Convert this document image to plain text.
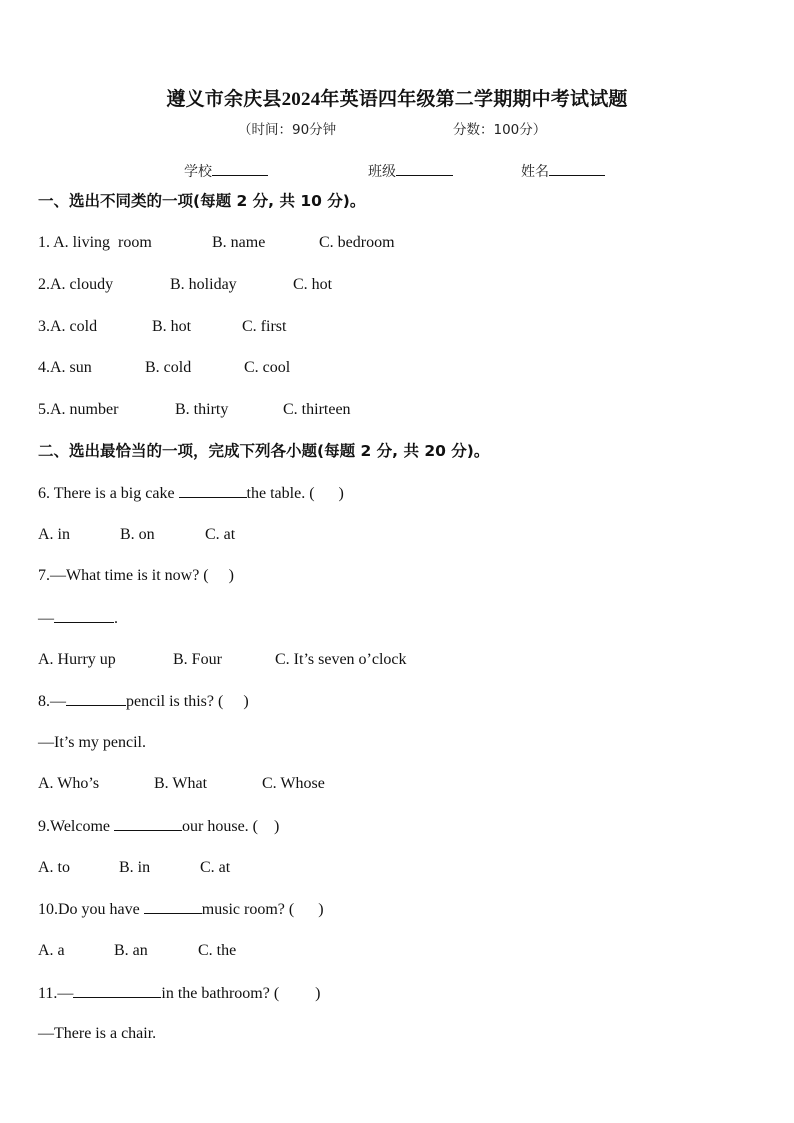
遵义市余庆县2024年英语四年级第二学期期中考试试题
（时间：90分钟	分数：100分）
学校	班级	姓名
一、选出不同类的一项(每题 2 分, 共 10 分)。

1. A. living  room

	B. name

	C. bedroom

2.A. cloudy

	B. holiday

	C. hot

3.A. cold

	B. hot

	C. first

4.A. sun

	B. cold

	C. cool

5.A. number

	B. thirty

	C. thirteen

二、选出最恰当的一项，完成下列各小题(每题 2 分, 共 20 分)。
6. There is a big cake	the table. (      )

A. in

	B. on

	C. at

7.—What time is it now? (     )
—	.

A. Hurry up

	B. Four

	C. It’s seven o’clock

8.—	pencil is this? (     )
—It’s my pencil.

A. Who’s

	B. What

	C. Whose

9.Welcome	our house. (    )

A. to

	B. in

	C. at

10.Do you have	music room? (      )

A. a

	B. an

	C. the

11.—	in the bathroom? (         )
—There is a chair.
